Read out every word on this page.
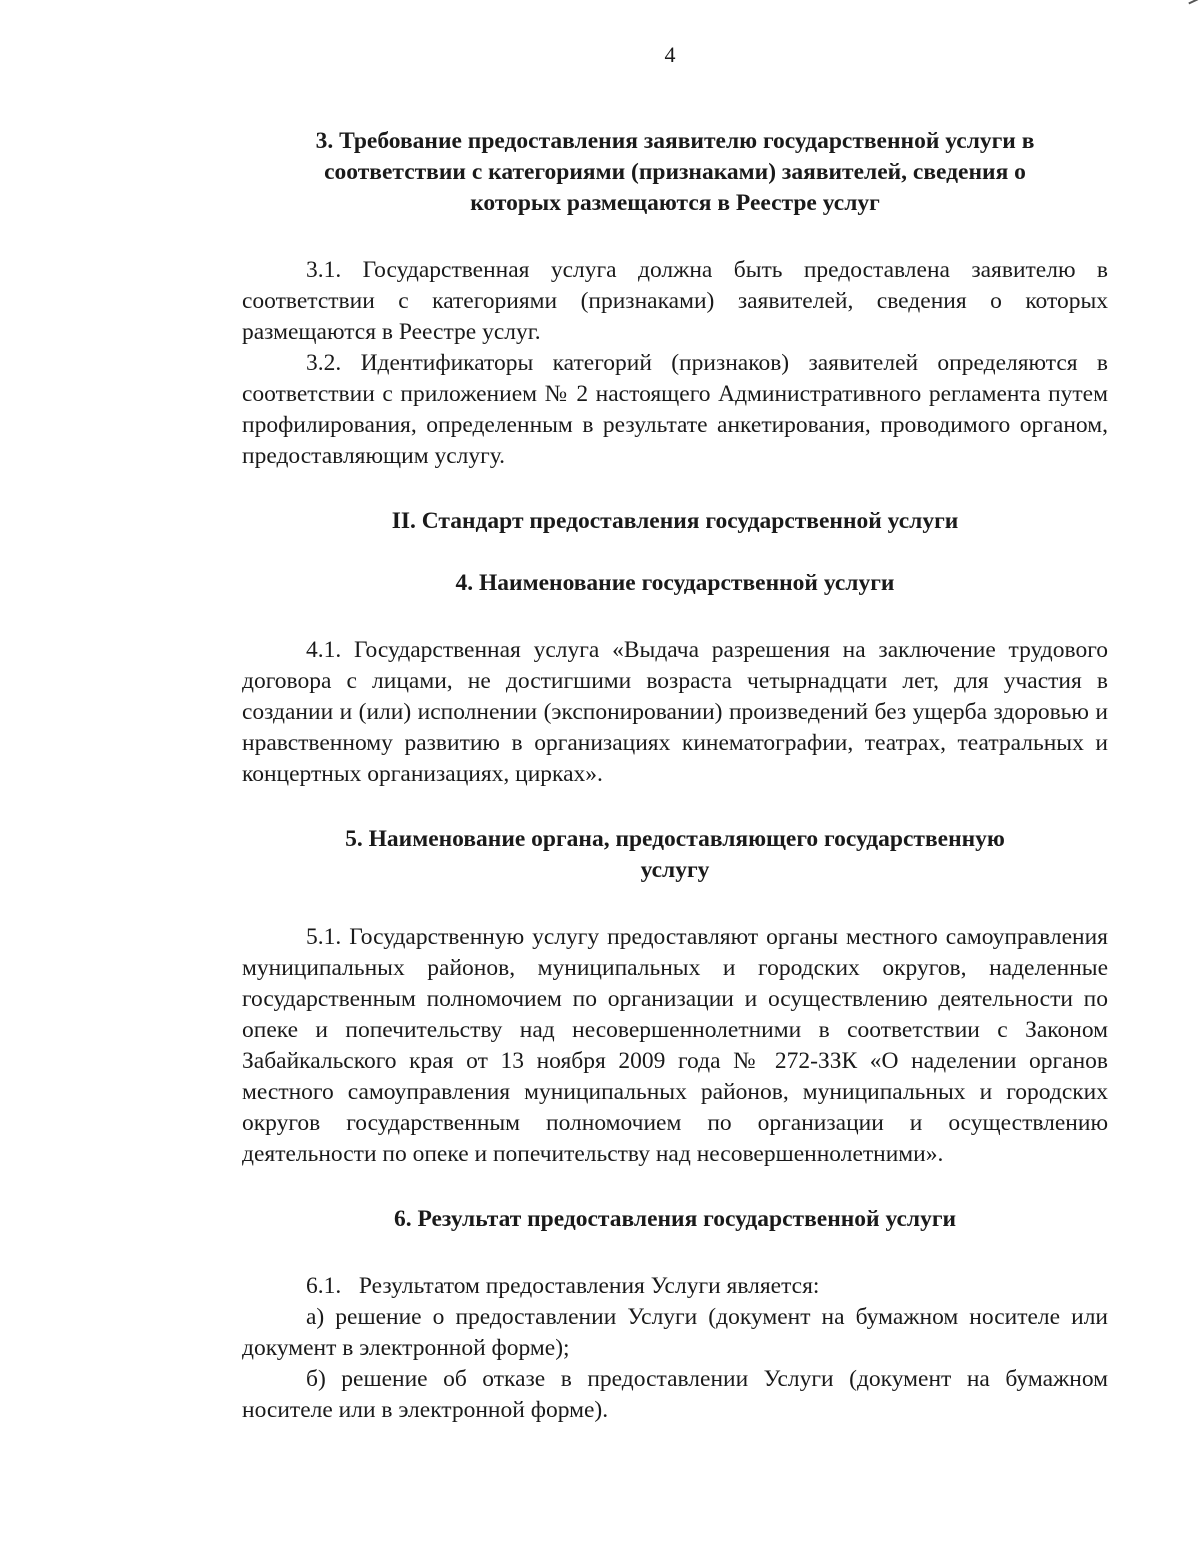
4
3. Требование предоставления заявителю государственной услуги в
соответствии с категориями (признаками) заявителей, сведения о
которых размещаются в Реестре услуг

3.1. Государственная услуга должна быть предоставлена заявителю в соответствии с категориями (признаками) заявителей, сведения о которых размещаются в Реестре услуг.

3.2. Идентификаторы категорий (признаков) заявителей определяются в соответствии с приложением № 2 настоящего Административного регламента путем профилирования, определенным в результате анкетирования, проводимого органом, предоставляющим услугу.

II. Стандарт предоставления государственной услуги
4. Наименование государственной услуги

4.1. Государственная услуга «Выдача разрешения на заключение трудового договора с лицами, не достигшими возраста четырнадцати лет, для участия в создании и (или) исполнении (экспонировании) произведений без ущерба здоровью и нравственному развитию в организациях кинематографии, театрах, театральных и концертных организациях, цирках».

5. Наименование органа, предоставляющего государственную
услугу

5.1. Государственную услугу предоставляют органы местного самоуправления муниципальных районов, муниципальных и городских округов, наделенные государственным полномочием по организации и осуществлению деятельности по опеке и попечительству над несовершеннолетними в соответствии с Законом Забайкальского края от 13 ноября 2009 года № 272-ЗЗК «О наделении органов местного самоуправления муниципальных районов, муниципальных и городских округов государственным полномочием по организации и осуществлению деятельности по опеке и попечительству над несовершеннолетними».

6. Результат предоставления государственной услуги

6.1.   Результатом предоставления Услуги является:

а) решение о предоставлении Услуги (документ на бумажном носителе или документ в электронной форме);

б) решение об отказе в предоставлении Услуги (документ на бумажном носителе или в электронной форме).
